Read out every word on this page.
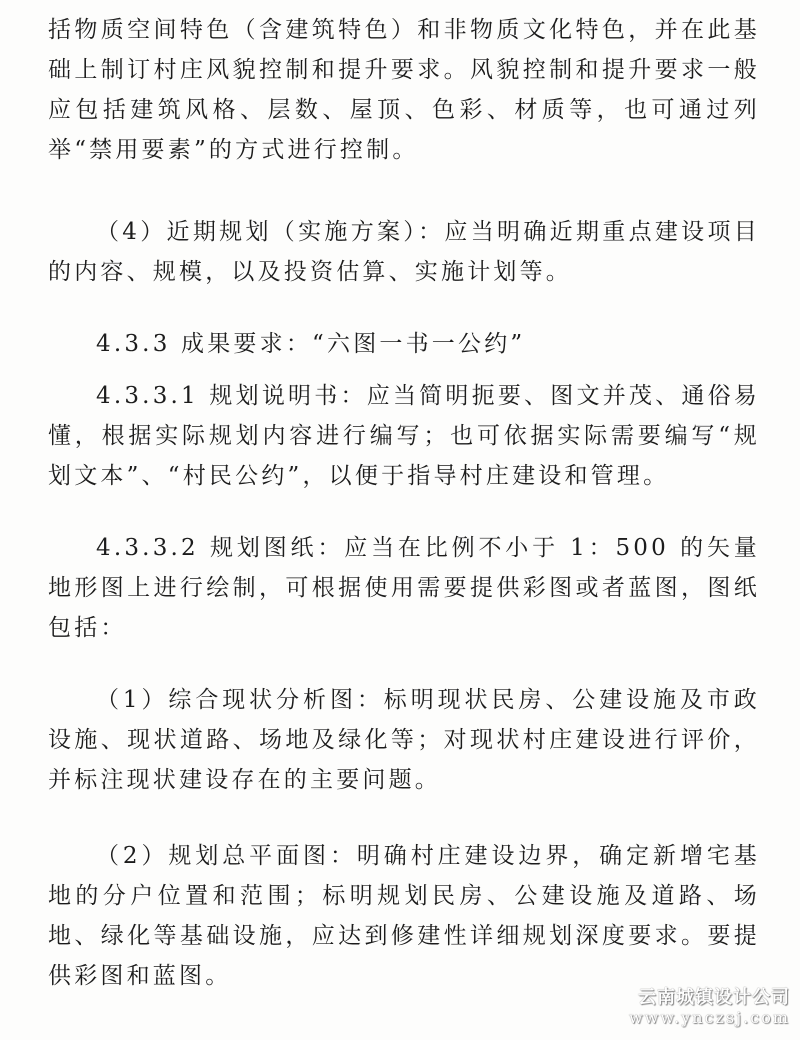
括物质空间特色（含建筑特色）和非物质文化特色，并在此基础上制订村庄风貌控制和提升要求。风貌控制和提升要求一般应包括建筑风格、层数、屋顶、色彩、材质等，也可通过列举“禁用要素”的方式进行控制。

（4）近期规划（实施方案）：应当明确近期重点建设项目的内容、规模，以及投资估算、实施计划等。

4.3.3 成果要求：“六图一书一公约”

4.3.3.1 规划说明书：应当简明扼要、图文并茂、通俗易懂，根据实际规划内容进行编写；也可依据实际需要编写“规划文本”、“村民公约”，以便于指导村庄建设和管理。

4.3.3.2 规划图纸：应当在比例不小于 1：500 的矢量地形图上进行绘制，可根据使用需要提供彩图或者蓝图，图纸包括：

（1）综合现状分析图：标明现状民房、公建设施及市政设施、现状道路、场地及绿化等；对现状村庄建设进行评价，并标注现状建设存在的主要问题。

（2）规划总平面图：明确村庄建设边界，确定新增宅基地的分户位置和范围；标明规划民房、公建设施及道路、场地、绿化等基础设施，应达到修建性详细规划深度要求。要提供彩图和蓝图。

云南城镇设计公司
www.ynczsj.com
